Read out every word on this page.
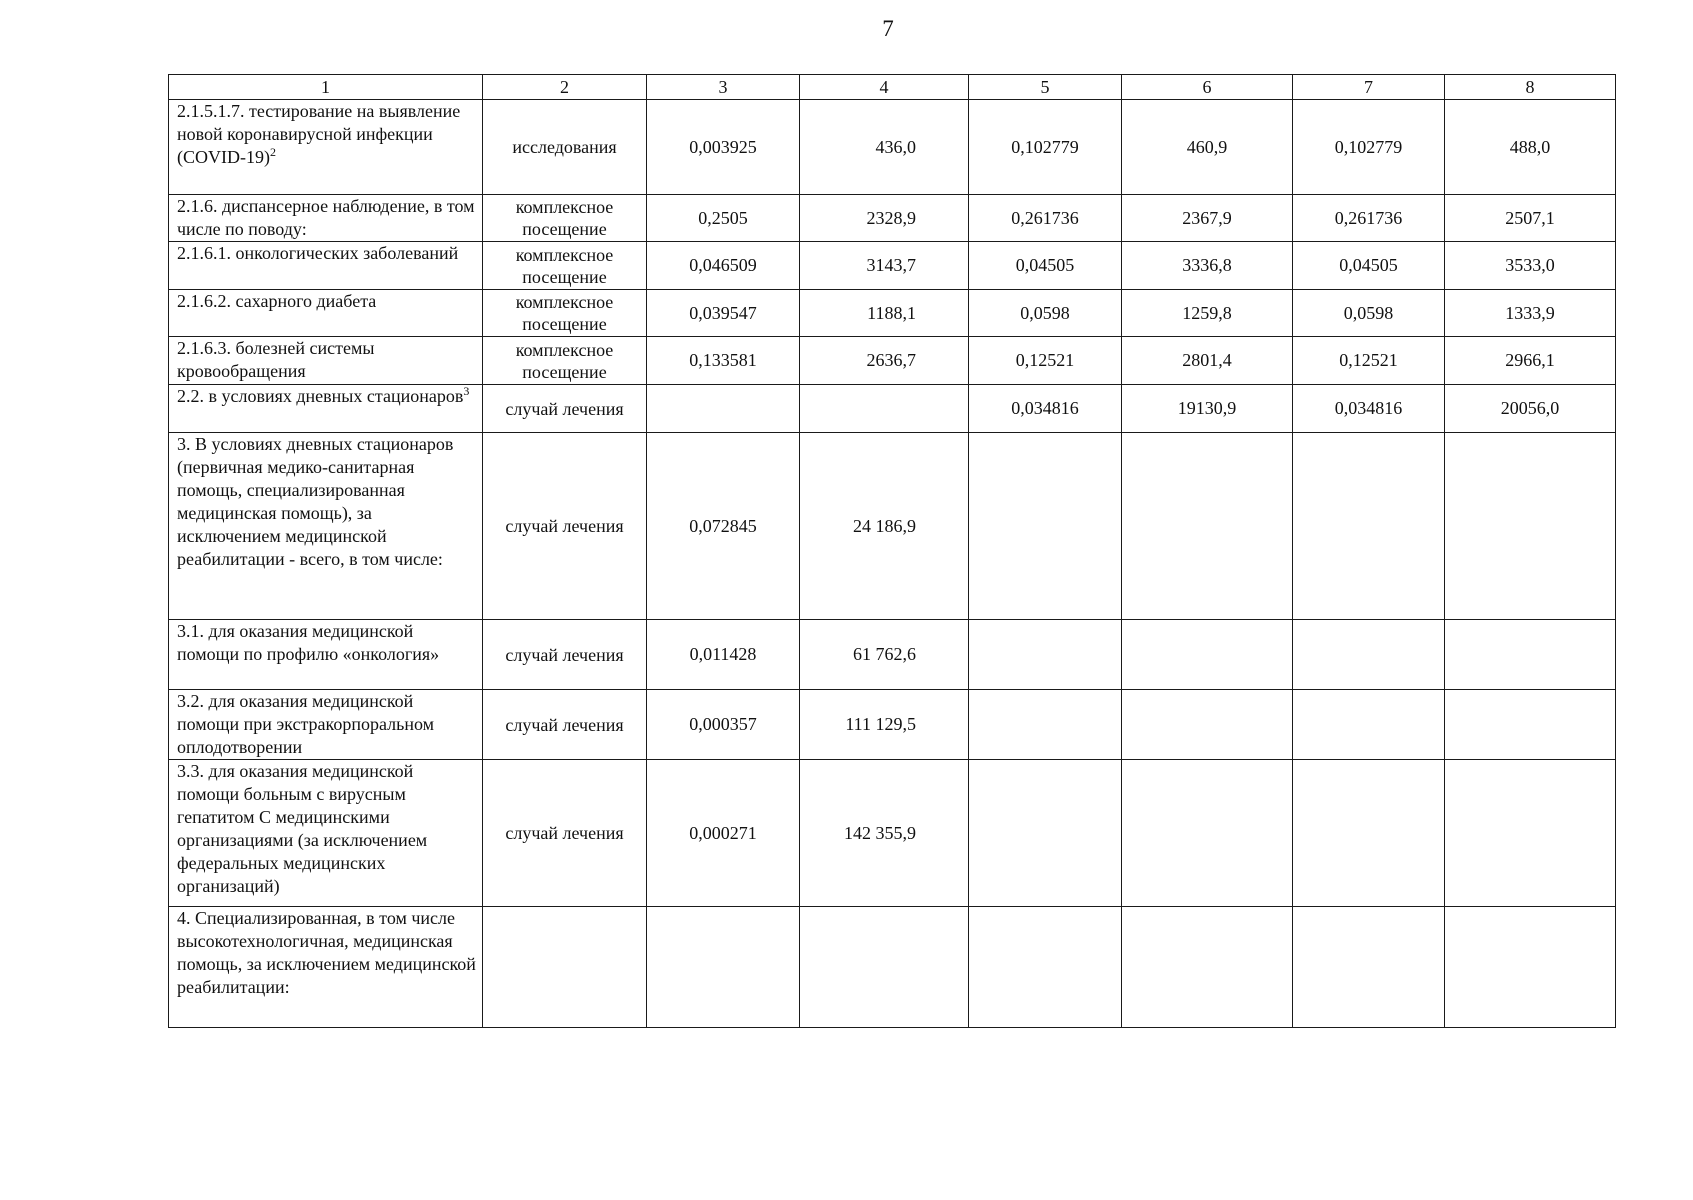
7
1	2	3	4	5	6	7	8
2.1.5.1.7. тестирование на выявление новой коронавирусной инфекции (COVID-19)$^2$	исследования	0,003925	436,0	0,102779	460,9	0,102779	488,0
2.1.6. диспансерное наблюдение, в том числе по поводу:	комплексное посещение	0,2505	2328,9	0,261736	2367,9	0,261736	2507,1
2.1.6.1. онкологических заболеваний	комплексное посещение	0,046509	3143,7	0,04505	3336,8	0,04505	3533,0
2.1.6.2. сахарного диабета	комплексное посещение	0,039547	1188,1	0,0598	1259,8	0,0598	1333,9
2.1.6.3. болезней системы кровообращения	комплексное посещение	0,133581	2636,7	0,12521	2801,4	0,12521	2966,1
2.2. в условиях дневных стационаров$^3$	случай лечения			0,034816	19130,9	0,034816	20056,0
3. В условиях дневных стационаров (первичная медико-санитарная помощь, специализированная медицинская помощь), за исключением медицинской реабилитации - всего, в том числе:	случай лечения	0,072845	24 186,9				
3.1. для оказания медицинской помощи по профилю «онкология»	случай лечения	0,011428	61 762,6				
3.2. для оказания медицинской помощи при экстракорпоральном оплодотворении	случай лечения	0,000357	111 129,5				
3.3. для оказания медицинской помощи больным с вирусным гепатитом С медицинскими организациями (за исключением федеральных медицинских организаций)	случай лечения	0,000271	142 355,9				
4. Специализированная, в том числе высокотехнологичная, медицинская помощь, за исключением медицинской реабилитации:							
